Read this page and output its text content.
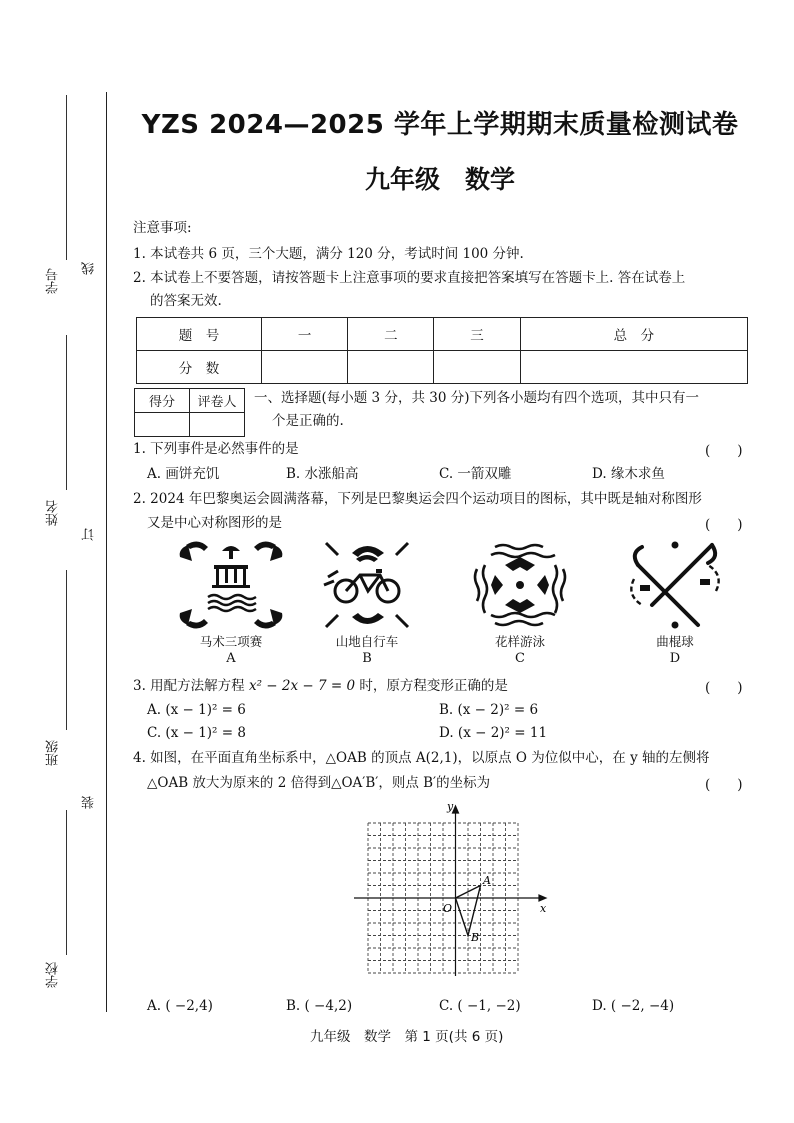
学号
姓名
班级
学校
线
订
装
YZS 2024—2025 学年上学期期末质量检测试卷
九年级　数学
注意事项:
1. 本试卷共 6 页，三个大题，满分 120 分，考试时间 100 分钟.
2. 本试卷上不要答题，请按答题卡上注意事项的要求直接把答案填写在答题卡上. 答在试卷上
的答案无效.
题　号	一	二	三	总　分
分　数				
得分	评卷人
	一、选择题(每小题 3 分，共 30 分)下列各小题均有四个选项，其中只有一
个是正确的.
1. 下列事件是必然事件的是	(　　)
A. 画饼充饥	B. 水涨船高	C. 一箭双雕	D. 缘木求鱼
2. 2024 年巴黎奥运会圆满落幕，下列是巴黎奥运会四个运动项目的图标，其中既是轴对称图形
又是中心对称图形的是	(　　)
马术三项赛	山地自行车	花样游泳	曲棍球
A	B	C	D
3. 用配方法解方程 x² − 2x − 7 = 0 时，原方程变形正确的是	(　　)
A. (x − 1)² = 6	B. (x − 2)² = 6
C. (x − 1)² = 8	D. (x − 2)² = 11
4. 如图，在平面直角坐标系中，△OAB 的顶点 A(2,1)，以原点 O 为位似中心，在 y 轴的左侧将
△OAB 放大为原来的 2 倍得到△OA′B′，则点 B′的坐标为	(　　)
x
y
O
A
B
A. ( −2,4)	B. ( −4,2)	C. ( −1, −2)	D. ( −2, −4)
九年级　数学　第 1 页(共 6 页)
